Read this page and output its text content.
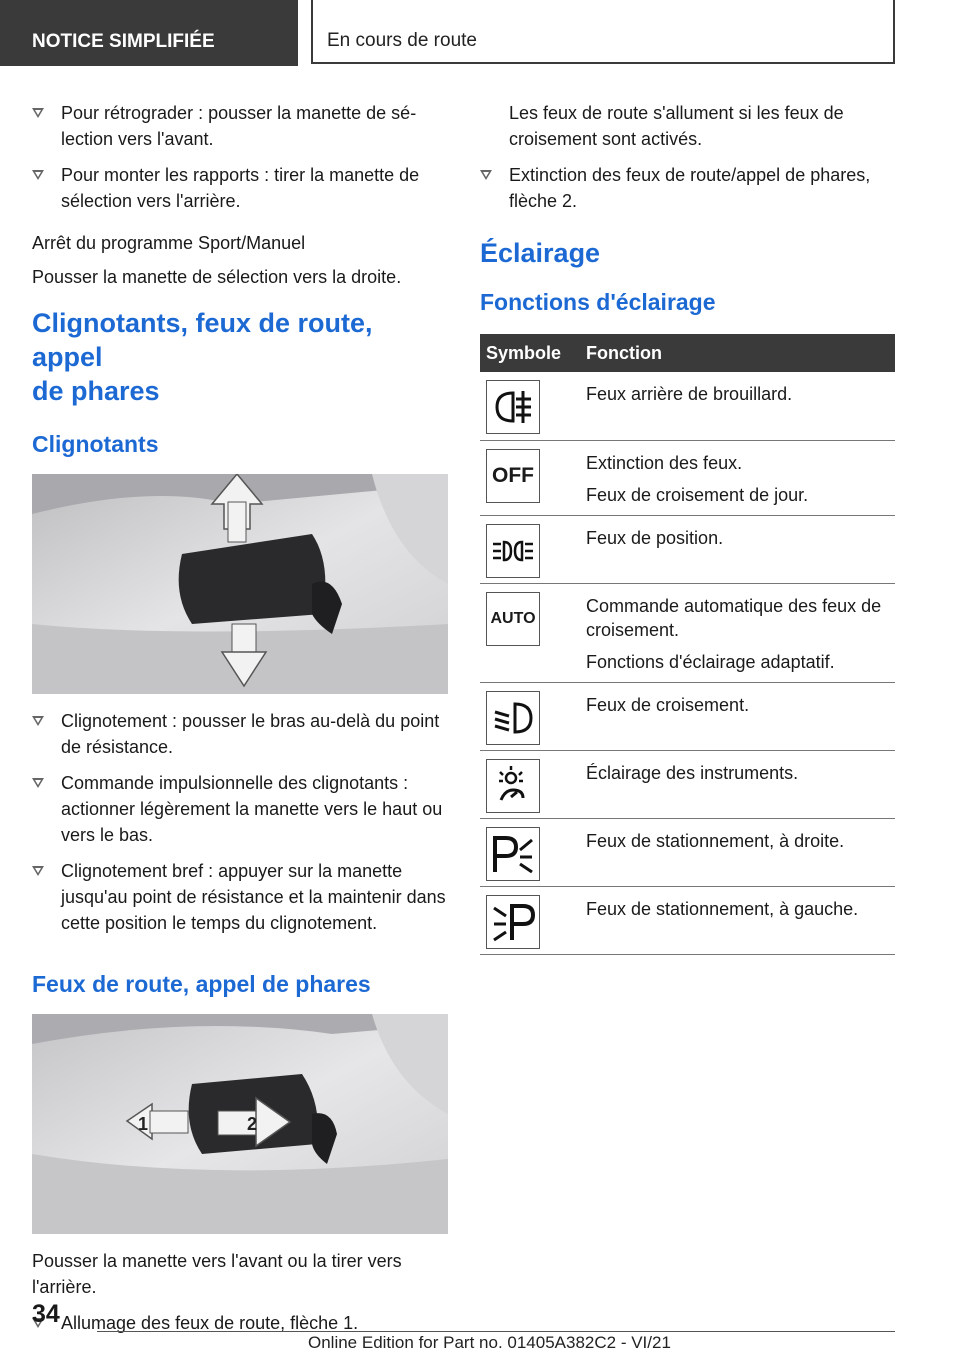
NOTICE SIMPLIFIÉE	En cours de route
Pour rétrograder : pousser la manette de sé‐lection vers l'avant.
Pour monter les rapports : tirer la manette de sélection vers l'arrière.

Arrêt du programme Sport/Manuel

Pousser la manette de sélection vers la droite.

Clignotants, feux de route, appel
de phares
Clignotants
Clignotement : pousser le bras au-delà du point de résistance.
Commande impulsionnelle des clignotants : actionner légèrement la manette vers le haut ou vers le bas.
Clignotement bref : appuyer sur la manette jusqu'au point de résistance et la maintenir dans cette position le temps du clignotement.
Feux de route, appel de phares
1	2

Pousser la manette vers l'avant ou la tirer vers l'arrière.

Allumage des feux de route, flèche 1.
Les feux de route s'allument si les feux de croisement sont activés.
Extinction des feux de route/appel de phares, flèche 2.
Éclairage
Fonctions d'éclairage
Symbole	Fonction

Feux arrière de brouillard.

OFF	Extinction des feux.
Feux de croisement de jour.

Feux de position.

AUTO	Commande automatique des feux de croisement.
Fonctions d'éclairage adaptatif.

Feux de croisement.

Éclairage des instruments.

Feux de stationnement, à droite.

Feux de stationnement, à gauche.
34
Online Edition for Part no. 01405A382C2 - VI/21
